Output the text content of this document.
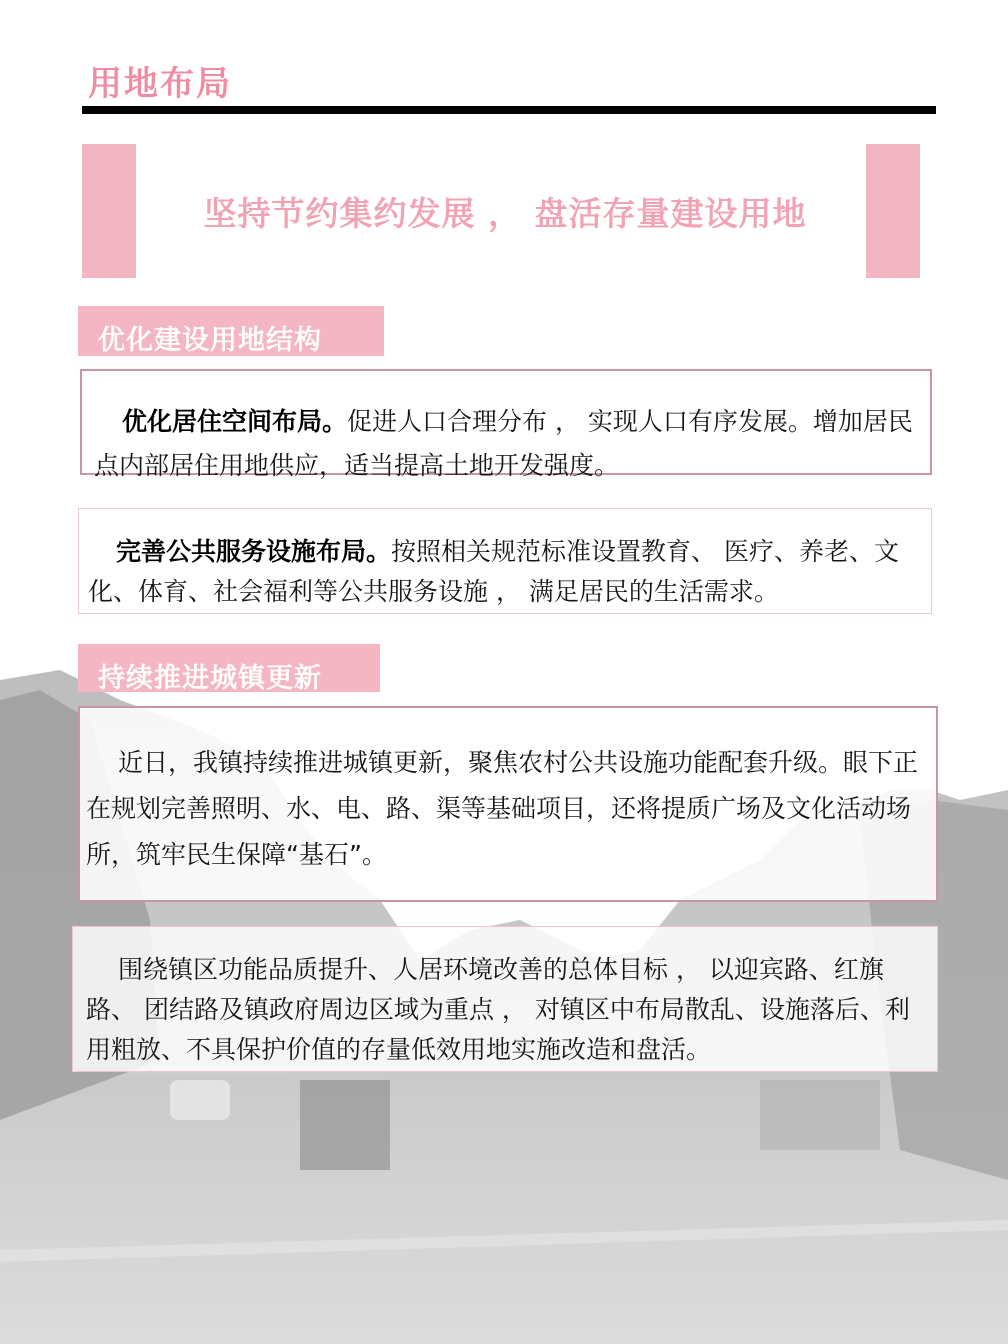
用地布局
坚持节约集约发展 ， 盘活存量建设用地
优化建设用地结构
优化居住空间布局。促进人口合理分布 ， 实现人口有序发展。增加居民点内部居住用地供应，适当提高土地开发强度。
完善公共服务设施布局。按照相关规范标准设置教育、 医疗、养老、文化、体育、社会福利等公共服务设施 ， 满足居民的生活需求。
持续推进城镇更新
近日，我镇持续推进城镇更新，聚焦农村公共设施功能配套升级。眼下正在规划完善照明、水、电、路、渠等基础项目，还将提质广场及文化活动场所，筑牢民生保障“基石”。
围绕镇区功能品质提升、人居环境改善的总体目标 ， 以迎宾路、红旗路、 团结路及镇政府周边区域为重点 ， 对镇区中布局散乱、设施落后、利用粗放、不具保护价值的存量低效用地实施改造和盘活。
